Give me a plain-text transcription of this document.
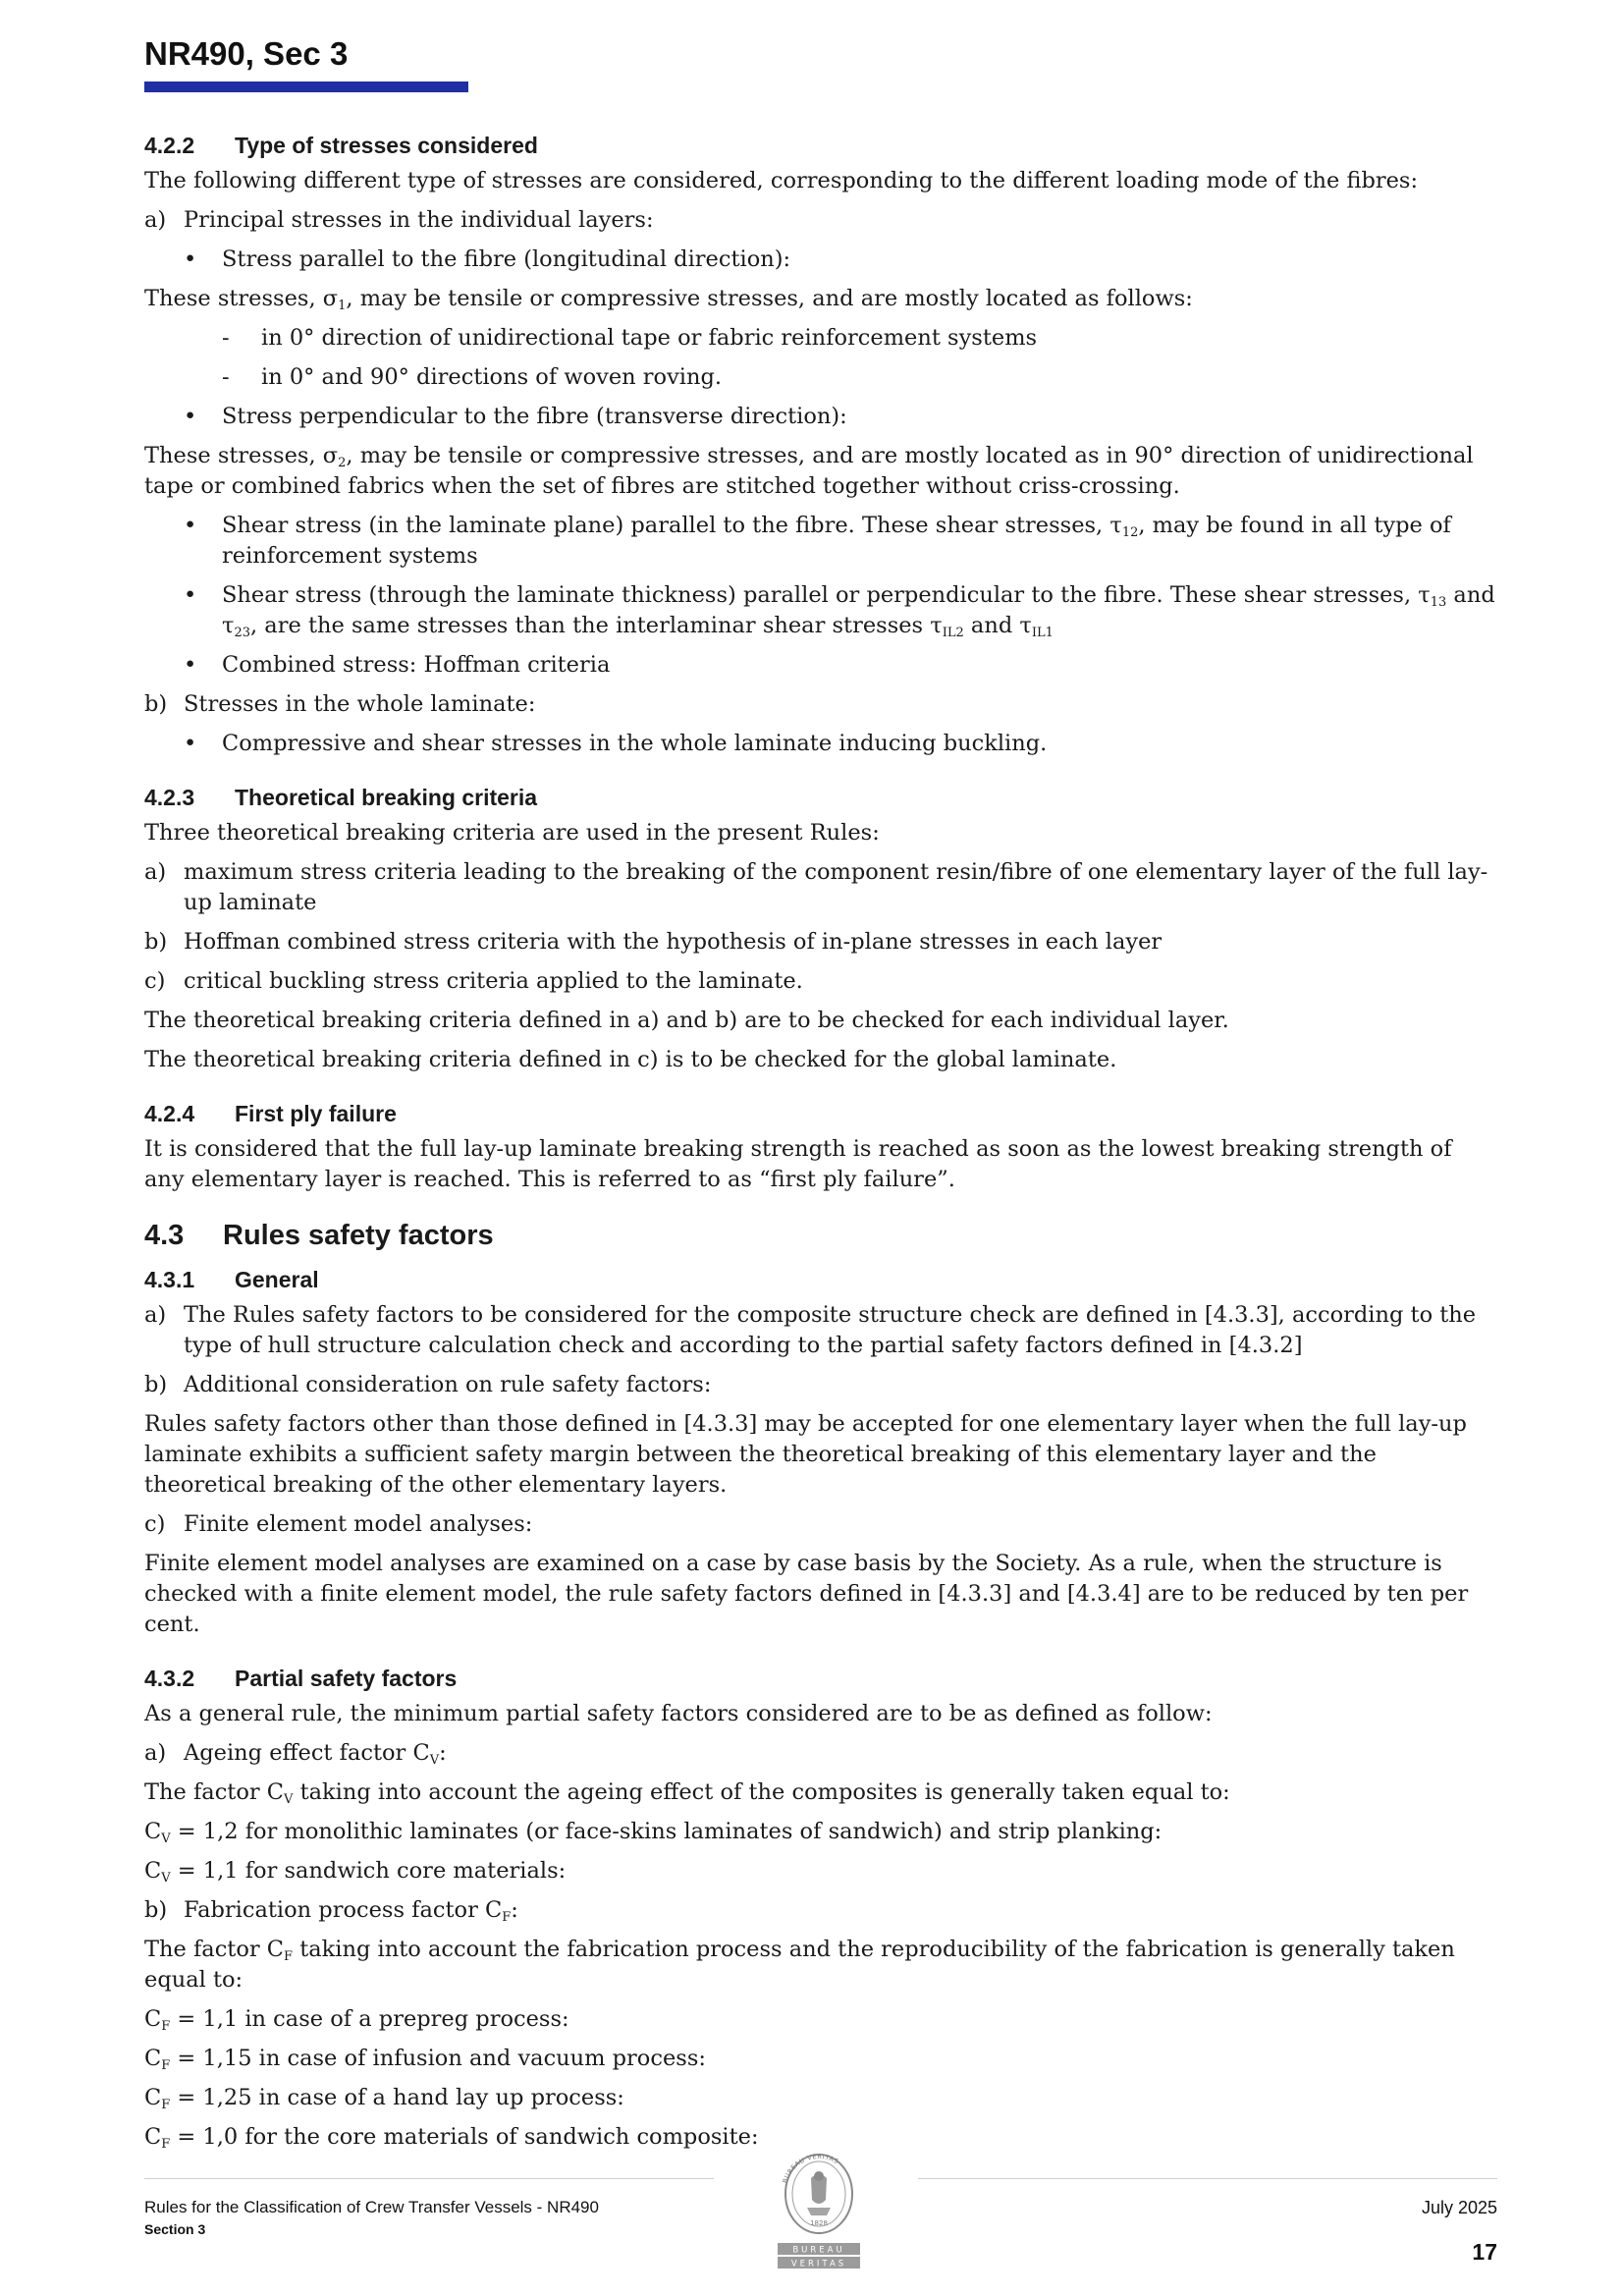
NR490, Sec 3
4.2.2 Type of stresses considered

The following different type of stresses are considered, corresponding to the different loading mode of the fibres:

a) Principal stresses in the individual layers:
• Stress parallel to the fibre (longitudinal direction):

These stresses, $\sigma_1$, may be tensile or compressive stresses, and are mostly located as follows:

- in 0° direction of unidirectional tape or fabric reinforcement systems
- in 0° and 90° directions of woven roving.
• Stress perpendicular to the fibre (transverse direction):

These stresses, $\sigma_2$, may be tensile or compressive stresses, and are mostly located as in 90° direction of unidirectional tape or combined fabrics when the set of fibres are stitched together without criss-crossing.

• Shear stress (in the laminate plane) parallel to the fibre. These shear stresses, $\tau_{12}$, may be found in all type of reinforcement systems
• Shear stress (through the laminate thickness) parallel or perpendicular to the fibre. These shear stresses, $\tau_{13}$ and $\tau_{23}$, are the same stresses than the interlaminar shear stresses $\tau_{IL2}$ and $\tau_{IL1}$
• Combined stress: Hoffman criteria
b) Stresses in the whole laminate:
• Compressive and shear stresses in the whole laminate inducing buckling.
4.2.3 Theoretical breaking criteria

Three theoretical breaking criteria are used in the present Rules:

a) maximum stress criteria leading to the breaking of the component resin/fibre of one elementary layer of the full lay-up laminate
b) Hoffman combined stress criteria with the hypothesis of in-plane stresses in each layer
c) critical buckling stress criteria applied to the laminate.

The theoretical breaking criteria defined in a) and b) are to be checked for each individual layer.

The theoretical breaking criteria defined in c) is to be checked for the global laminate.

4.2.4 First ply failure

It is considered that the full lay-up laminate breaking strength is reached as soon as the lowest breaking strength of any elementary layer is reached. This is referred to as “first ply failure”.

4.3 Rules safety factors
4.3.1 General
a) The Rules safety factors to be considered for the composite structure check are defined in [4.3.3], according to the type of hull structure calculation check and according to the partial safety factors defined in [4.3.2]
b) Additional consideration on rule safety factors:

Rules safety factors other than those defined in [4.3.3] may be accepted for one elementary layer when the full lay-up laminate exhibits a sufficient safety margin between the theoretical breaking of this elementary layer and the theoretical breaking of the other elementary layers.

c) Finite element model analyses:

Finite element model analyses are examined on a case by case basis by the Society. As a rule, when the structure is checked with a finite element model, the rule safety factors defined in [4.3.3] and [4.3.4] are to be reduced by ten per cent.

4.3.2 Partial safety factors

As a general rule, the minimum partial safety factors considered are to be as defined as follow:

a) Ageing effect factor $C_V$:

The factor $C_V$ taking into account the ageing effect of the composites is generally taken equal to:

$C_V = 1,2$ for monolithic laminates (or face-skins laminates of sandwich) and strip planking:

$C_V = 1,1$ for sandwich core materials:

b) Fabrication process factor $C_F$:

The factor $C_F$ taking into account the fabrication process and the reproducibility of the fabrication is generally taken equal to:

$C_F = 1,1$ in case of a prepreg process:

$C_F = 1,15$ in case of infusion and vacuum process:

$C_F = 1,25$ in case of a hand lay up process:

$C_F = 1,0$ for the core materials of sandwich composite:

Rules for the Classification of Crew Transfer Vessels - NR490
Section 3
July 2025
17
BUREAU VERITAS
1828
BUREAU
VERITAS
